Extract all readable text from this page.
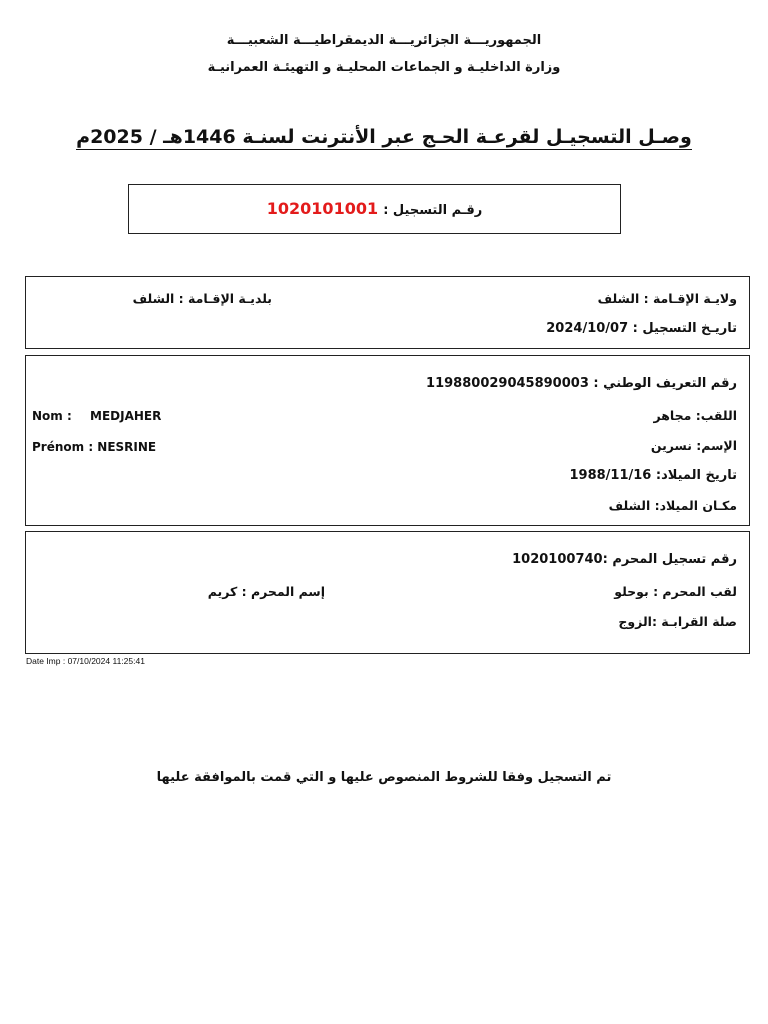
الجمهوريـــة الجزائريـــة الديمقراطيـــة الشعبيـــة
وزارة الداخليـة و الجماعات المحليـة و التهيئـة العمرانيـة
وصـل التسجيـل لقرعـة الحـج عبر الأنترنت لسنـة 1446هـ / 2025م
رقـم التسجيل : 1020101001
ولايـة الإقـامة : الشلف
بلديـة الإقـامة : الشلف
تاريـخ التسجيل : 2024/10/07
رقم التعريف الوطني : 119880029045890003
اللقب: مجاهر
Nom : MEDJAHER
الإسم: نسرين
Prénom : NESRINE
تاريخ الميلاد: 1988/11/16
مكـان الميلاد: الشلف
رقم تسجيل المحرم :1020100740
لقب المحرم : بوحلو
إسم المحرم : كريم
صلة القرابـة :الزوج
Date Imp : 07/10/2024 11:25:41
تم التسجيل وفقا للشروط المنصوص عليها و التي قمت بالموافقة عليها
